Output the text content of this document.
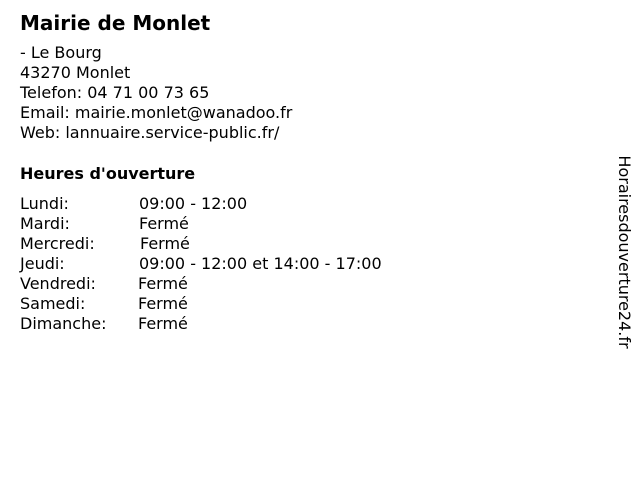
Mairie de Monlet
- Le Bourg
43270 Monlet
Telefon: 04 71 00 73 65
Email: mairie.monlet@wanadoo.fr
Web: lannuaire.service-public.fr/
Heures d'ouverture
Lundi:	09:00 - 12:00
Mardi:	Fermé
Mercredi:	Fermé
Jeudi:	09:00 - 12:00 et 14:00 - 17:00
Vendredi:	Fermé
Samedi:	Fermé
Dimanche: Fermé	Horairesdouverture24.fr
